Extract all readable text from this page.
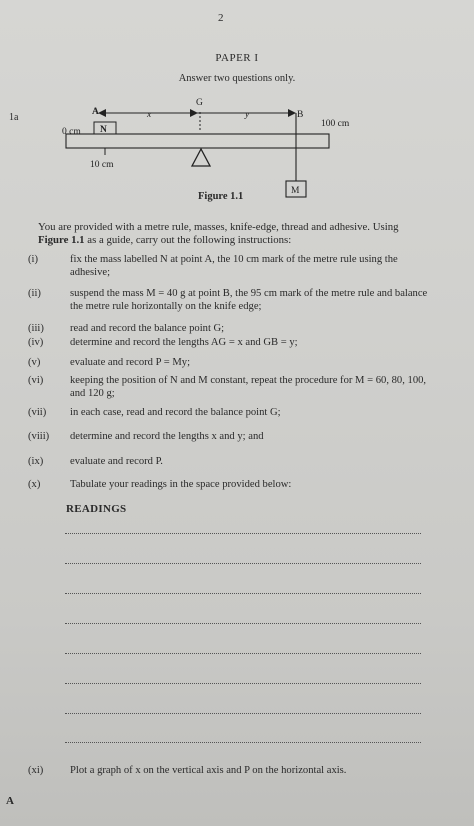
2
PAPER I
Answer two questions only.
1a	A	x
G
y	B
100 cm
0 cm N
10 cm
M
Figure 1.1
You are provided with a metre rule, masses, knife-edge, thread and adhesive. Using Figure 1.1 as a guide, carry out the following instructions:
(i)	fix the mass labelled N at point A, the 10 cm mark of the metre rule using the adhesive;
(ii)	suspend the mass M = 40 g at point B, the 95 cm mark of the metre rule and balance the metre rule horizontally on the knife edge;
(iii)	read and record the balance point G;
(iv)	determine and record the lengths AG = x and GB = y;
(v)	evaluate and record P = My;
(vi)	keeping the position of N and M constant, repeat the procedure for M = 60, 80, 100, and 120 g;
(vii)	in each case, read and record the balance point G;
(viii)	determine and record the lengths x and y; and
(ix)	evaluate and record P.
(x)	Tabulate your readings in the space provided below:
READINGS
(xi)	Plot a graph of x on the vertical axis and P on the horizontal axis.
A
